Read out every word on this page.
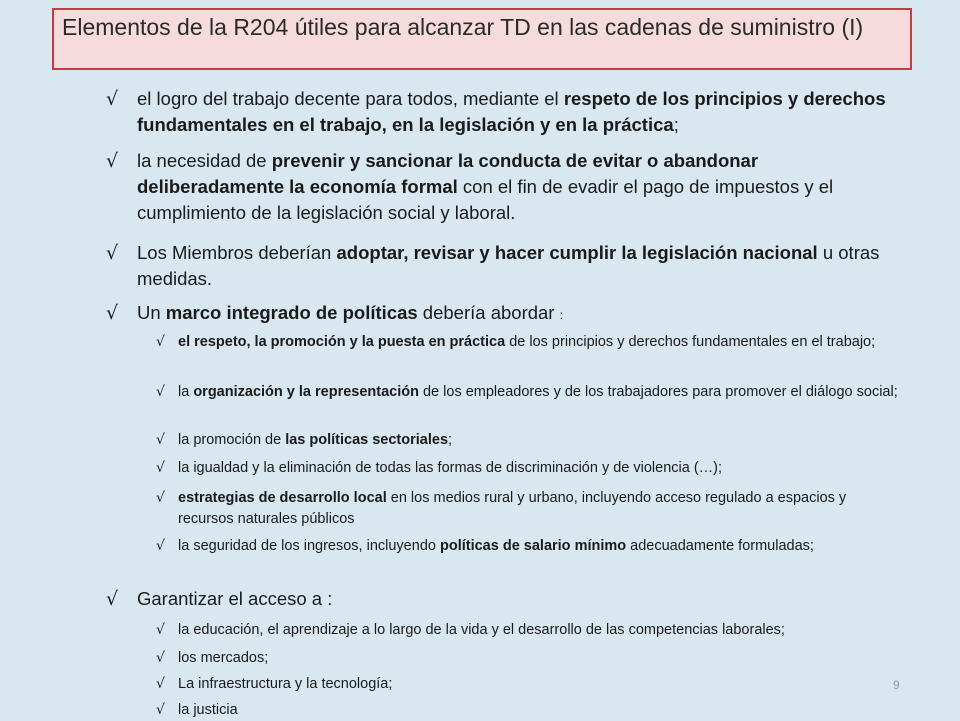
Elementos de la R204 útiles para alcanzar TD en las cadenas de suministro (I)
√ el logro del trabajo decente para todos, mediante el respeto de los principios y derechos fundamentales en el trabajo, en la legislación y en la práctica;
√ la necesidad de prevenir y sancionar la conducta de evitar o abandonar deliberadamente la economía formal con el fin de evadir el pago de impuestos y el cumplimiento de la legislación social y laboral.
√ Los Miembros deberían adoptar, revisar y hacer cumplir la legislación nacional u otras medidas.
√ Un marco integrado de políticas debería abordar :
√ el respeto, la promoción y la puesta en práctica de los principios y derechos fundamentales en el trabajo;
√ la organización y la representación de los empleadores y de los trabajadores para promover el diálogo social;
√ la promoción de las políticas sectoriales;
√ la igualdad y la eliminación de todas las formas de discriminación y de violencia (…);
√ estrategias de desarrollo local en los medios rural y urbano, incluyendo acceso regulado a espacios y recursos naturales públicos
√ la seguridad de los ingresos, incluyendo políticas de salario mínimo adecuadamente formuladas;
√ Garantizar el acceso a :
√ la educación, el aprendizaje a lo largo de la vida y el desarrollo de las competencias laborales;
√ los mercados;
√ La infraestructura y la tecnología;
√ la justicia
9
